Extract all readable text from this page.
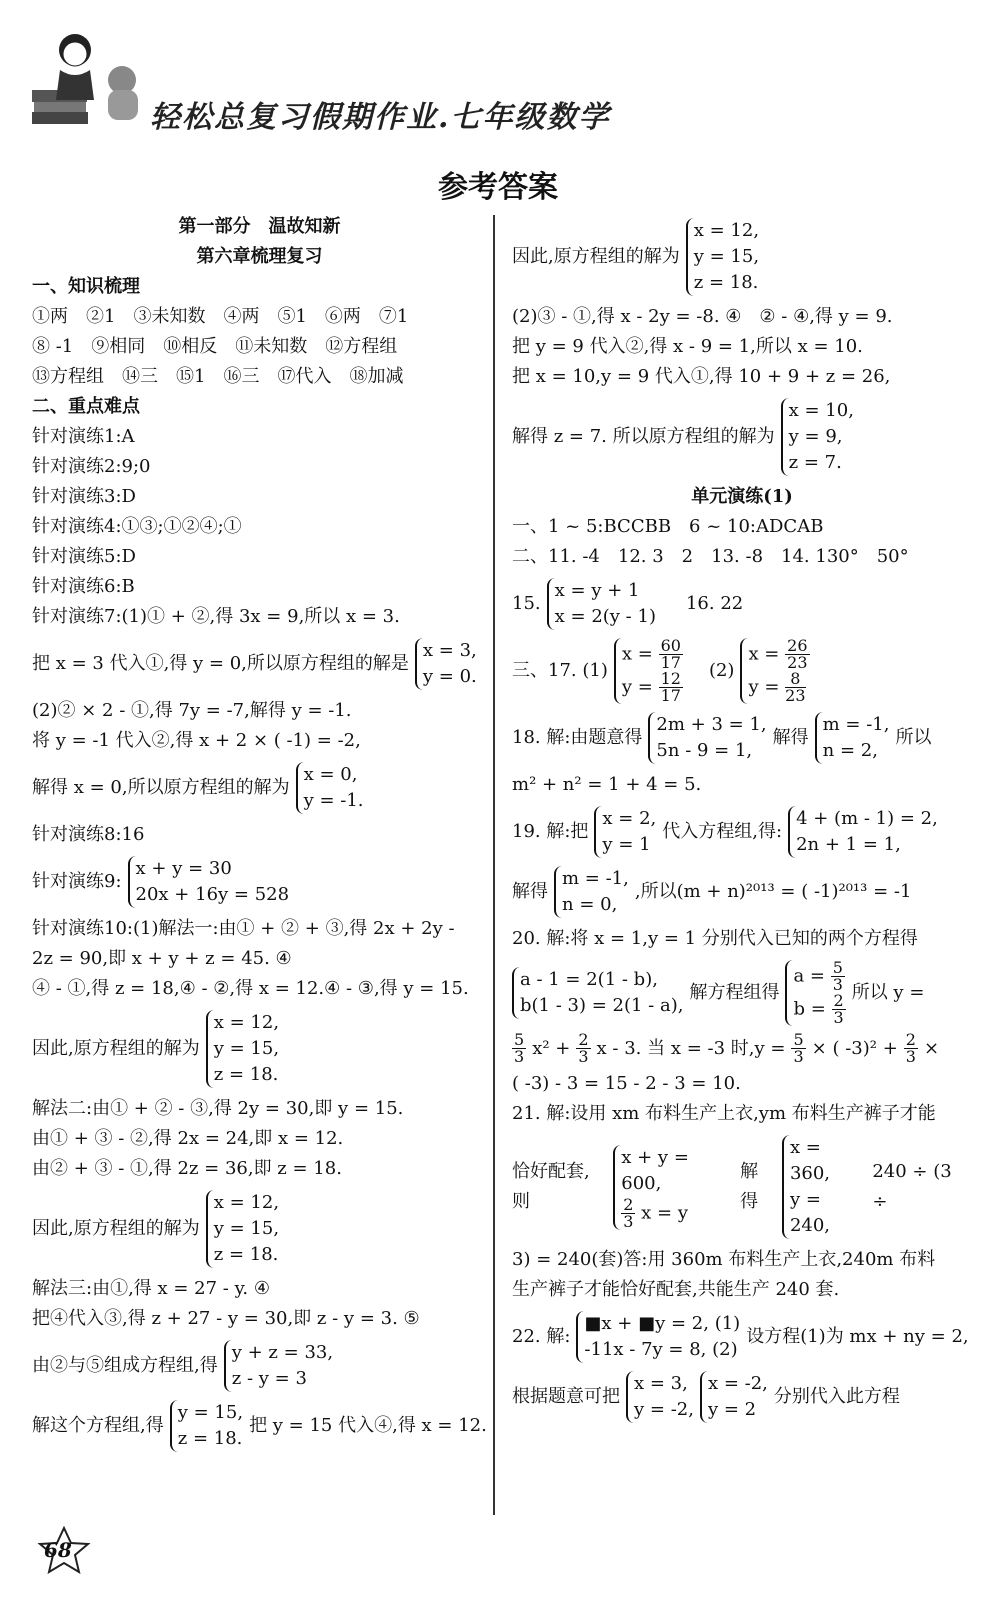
轻松总复习假期作业.七年级数学
参考答案
第一部分　温故知新
第六章梳理复习
一、知识梳理
①两　②1　③未知数　④两　⑤1　⑥两　⑦1
⑧ -1　⑨相同　⑩相反　⑪未知数　⑫方程组
⑬方程组　⑭三　⑮1　⑯三　⑰代入　⑱加减
二、重点难点
针对演练1:A
针对演练2:9;0
针对演练3:D
针对演练4:①③;①②④;①
针对演练5:D
针对演练6:B
针对演练7:(1)① + ②,得 3x = 9,所以 x = 3.
把 x = 3 代入①,得 y = 0,所以原方程组的解是
x = 3,
y = 0.
(2)② × 2 - ①,得 7y = -7,解得 y = -1.
将 y = -1 代入②,得 x + 2 × ( -1) = -2,
解得 x = 0,所以原方程组的解为
x = 0,
y = -1.
针对演练8:16
针对演练9:
x + y = 30
20x + 16y = 528
针对演练10:(1)解法一:由① + ② + ③,得 2x + 2y -
2z = 90,即 x + y + z = 45. ④
④ - ①,得 z = 18,④ - ②,得 x = 12.④ - ③,得 y = 15.
因此,原方程组的解为
x = 12,
y = 15,
z = 18.
解法二:由① + ② - ③,得 2y = 30,即 y = 15.
由① + ③ - ②,得 2x = 24,即 x = 12.
由② + ③ - ①,得 2z = 36,即 z = 18.
因此,原方程组的解为
x = 12,
y = 15,
z = 18.
解法三:由①,得 x = 27 - y. ④
把④代入③,得 z + 27 - y = 30,即 z - y = 3. ⑤
由②与⑤组成方程组,得
y + z = 33,
z - y = 3
解这个方程组,得
y = 15,
z = 18.
把 y = 15 代入④,得 x = 12.
因此,原方程组的解为
x = 12,
y = 15,
z = 18.
(2)③ - ①,得 x - 2y = -8. ④　② - ④,得 y = 9.
把 y = 9 代入②,得 x - 9 = 1,所以 x = 10.
把 x = 10,y = 9 代入①,得 10 + 9 + z = 26,
解得 z = 7. 所以原方程组的解为
x = 10,
y = 9,
z = 7.
单元演练(1)
一、1 ~ 5:BCCBB　6 ~ 10:ADCAB
二、11. -4　12. 3　2　13. -8　14. 130°　50°
15.
x = y + 1
x = 2(y - 1)
16. 22
三、17. (1)
$x = \frac{60}{17}$

$y = \frac{12}{17}$
(2)
$x = \frac{26}{23}$

$y = \frac{8}{23}$
18. 解:由题意得
2m + 3 = 1,
5n - 9 = 1,
解得
m = -1,
n = 2,
所以
m² + n² = 1 + 4 = 5.
19. 解:把
x = 2,
y = 1
代入方程组,得:
4 + (m - 1) = 2,
2n + 1 = 1,
解得
m = -1,
n = 0,
,所以(m + n)²⁰¹³ = ( -1)²⁰¹³ = -1
20. 解:将 x = 1,y = 1 分别代入已知的两个方程得
a - 1 = 2(1 - b),
b(1 - 3) = 2(1 - a),
解方程组得
$a = \frac{5}{3}$

$b = \frac{2}{3}$
所以 y =
$\frac{5}{3} x^2 + \frac{2}{3}$ x - 3. 当 x = -3 时$,y = \frac{5}{3}$ × ( $-3)^2 + \frac{2}{3}$ ×
( -3) - 3 = 15 - 2 - 3 = 10.
21. 解:设用 xm 布料生产上衣,ym 布料生产裤子才能
恰好配套,则
x + y = 600,

$\frac{2}{3}$ x = y
解得
x = 360,
y = 240,
240 ÷ (3 ÷
3) = 240(套)答:用 360m 布料生产上衣,240m 布料
生产裤子才能恰好配套,共能生产 240 套.
22. 解:
■x + ■y = 2, (1)
-11x - 7y = 8, (2)
设方程(1)为 mx + ny = 2,
根据题意可把
x = 3,
y = -2,
x = -2,
y = 2
分别代入此方程
68
